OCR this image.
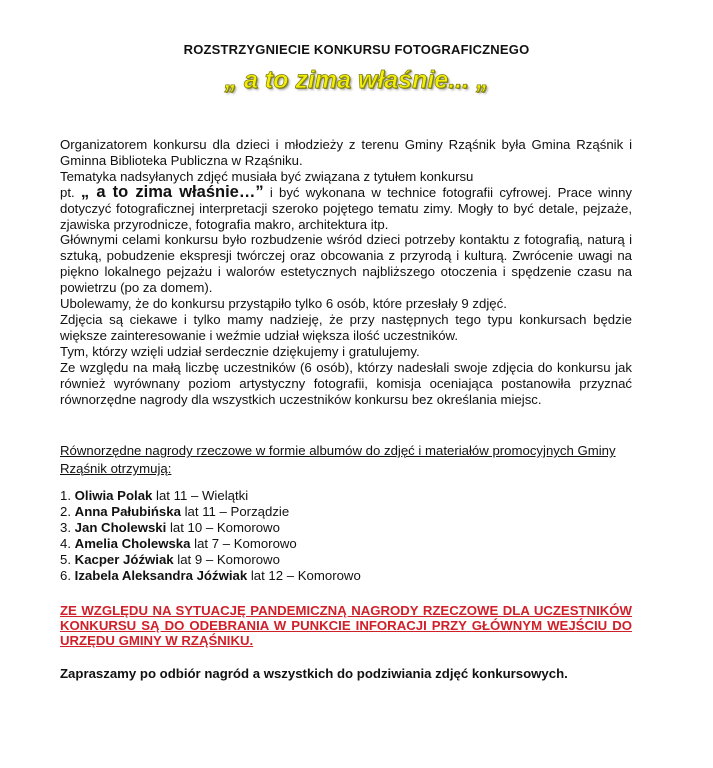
ROZSTRZYGNIECIE KONKURSU FOTOGRAFICZNEGO
„ a to zima właśnie... „

Organizatorem konkursu dla dzieci i młodzieży z terenu Gminy Rząśnik była Gmina Rząśnik i Gminna Biblioteka Publiczna w Rząśniku.

Tematyka nadsyłanych zdjęć musiała być związana z tytułem konkursu

pt. „ a to zima właśnie…” i być wykonana w technice fotografii cyfrowej. Prace winny dotyczyć fotograficznej interpretacji szeroko pojętego tematu zimy. Mogły to być detale, pejzaże, zjawiska przyrodnicze, fotografia makro, architektura itp.

Głównymi celami konkursu było rozbudzenie wśród dzieci potrzeby kontaktu z fotografią, naturą i sztuką, pobudzenie ekspresji twórczej oraz obcowania z przyrodą i kulturą. Zwrócenie uwagi na piękno lokalnego pejzażu i walorów estetycznych najbliższego otoczenia i spędzenie czasu na powietrzu (po za domem).

Ubolewamy, że do konkursu przystąpiło tylko 6 osób, które przesłały 9 zdjęć.

Zdjęcia są ciekawe i tylko mamy nadzieję, że przy następnych tego typu konkursach będzie większe zainteresowanie i weźmie udział większa ilość uczestników.

Tym, którzy wzięli udział serdecznie dziękujemy i gratulujemy.

Ze względu na małą liczbę uczestników (6 osób), którzy nadesłali swoje zdjęcia do konkursu jak również wyrównany poziom artystyczny fotografii, komisja oceniająca postanowiła przyznać równorzędne nagrody dla wszystkich uczestników konkursu bez określania miejsc.

Równorzędne nagrody rzeczowe w formie albumów do zdjęć i materiałów promocyjnych Gminy Rząśnik otrzymują:
1. Oliwia Polak lat 11 – Wielątki
2. Anna Pałubińska lat 11 – Porządzie
3. Jan Cholewski lat 10 – Komorowo
4. Amelia Cholewska lat 7 – Komorowo
5. Kacper Jóźwiak lat 9 – Komorowo
6. Izabela Aleksandra Jóźwiak lat 12 – Komorowo
ZE WZGLĘDU NA SYTUACJĘ PANDEMICZNĄ NAGRODY RZECZOWE DLA UCZESTNIKÓW KONKURSU SĄ DO ODEBRANIA W PUNKCIE INFORACJI PRZY GŁÓWNYM WEJŚCIU DO URZĘDU GMINY W RZĄŚNIKU.
Zapraszamy po odbiór nagród a wszystkich do podziwiania zdjęć konkursowych.
